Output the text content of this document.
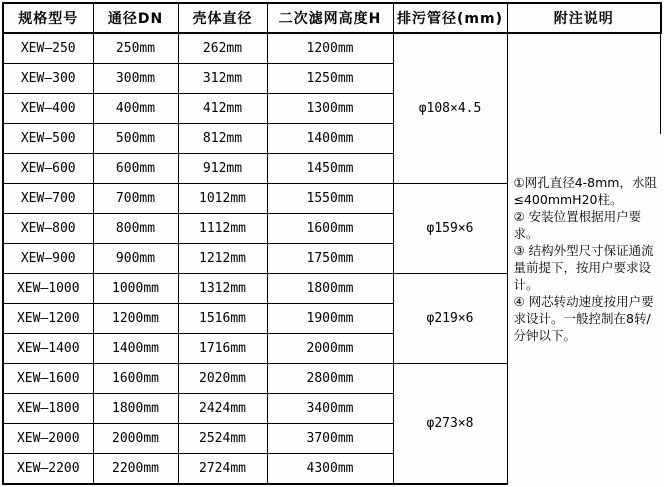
规格型号	通径DN	壳体直径	二次滤网高度H	排污管径(mm)	附注说明
XEW—250	250mm	262mm	1200mm	φ108×4.5	①网孔直径4-8mm，水阻≤400mmH20柱。
② 安装位置根据用户要求。
③ 结构外型尺寸保证通流量前提下，按用户要求设计。
④ 网芯转动速度按用户要求设计。一般控制在8转/分钟以下。

XEW—300	300mm	312mm	1250mm		
XEW—400	400mm	412mm	1300mm		
XEW—500	500mm	812mm	1400mm		
XEW—600	600mm	912mm	1450mm		
XEW—700	700mm	1012mm	1550mm	φ159×6	
XEW—800	800mm	1112mm	1600mm		
XEW—900	900mm	1212mm	1750mm		
XEW—1000	1000mm	1312mm	1800mm	φ219×6	
XEW—1200	1200mm	1516mm	1900mm		
XEW—1400	1400mm	1716mm	2000mm		
XEW—1600	1600mm	2020mm	2800mm	φ273×8	
XEW—1800	1800mm	2424mm	3400mm		
XEW—2000	2000mm	2524mm	3700mm		
XEW—2200	2200mm	2724mm	4300mm		
